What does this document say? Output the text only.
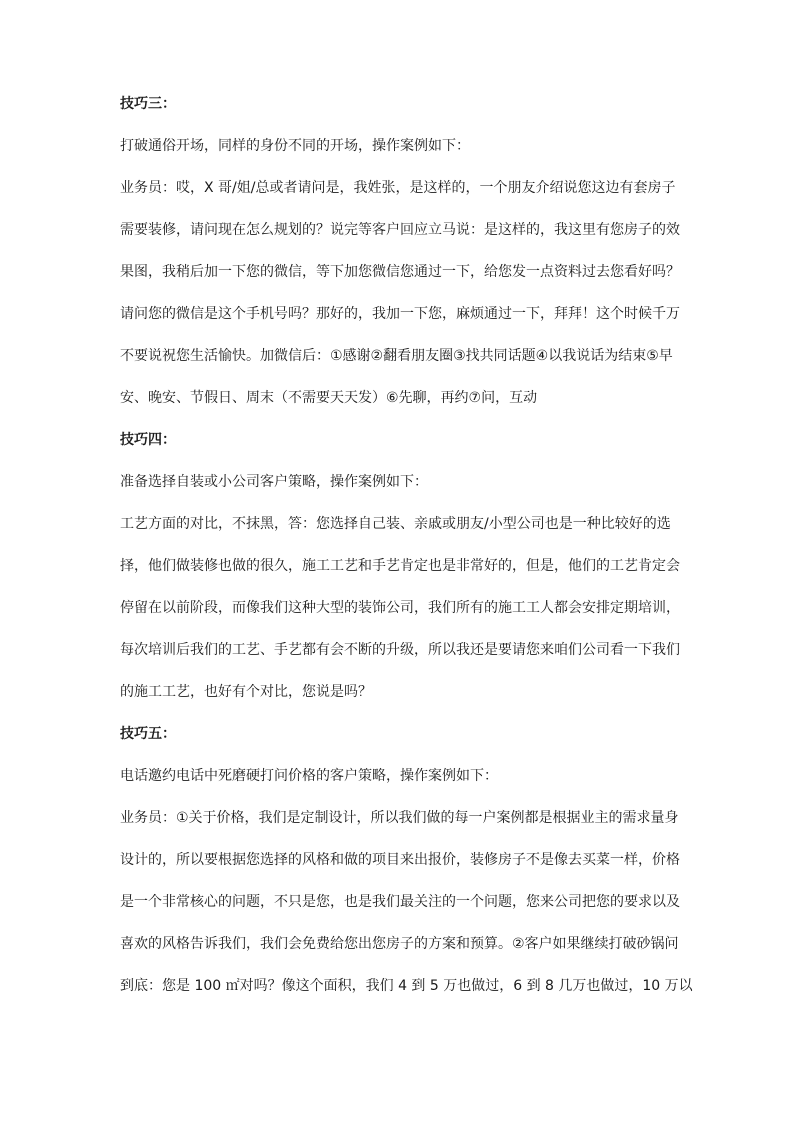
技巧三：
打破通俗开场，同样的身份不同的开场，操作案例如下：
业务员：哎，X 哥/姐/总或者请问是，我姓张，是这样的，一个朋友介绍说您这边有套房子
需要装修，请问现在怎么规划的？说完等客户回应立马说：是这样的，我这里有您房子的效
果图，我稍后加一下您的微信，等下加您微信您通过一下，给您发一点资料过去您看好吗？
请问您的微信是这个手机号吗？那好的，我加一下您，麻烦通过一下，拜拜！这个时候千万
不要说祝您生活愉快。加微信后：①感谢②翻看朋友圈③找共同话题④以我说话为结束⑤早
安、晚安、节假日、周末（不需要天天发）⑥先聊，再约⑦问，互动
技巧四：
准备选择自装或小公司客户策略，操作案例如下：
工艺方面的对比，不抹黑，答：您选择自己装、亲戚或朋友/小型公司也是一种比较好的选
择，他们做装修也做的很久，施工工艺和手艺肯定也是非常好的，但是，他们的工艺肯定会
停留在以前阶段，而像我们这种大型的装饰公司，我们所有的施工工人都会安排定期培训，
每次培训后我们的工艺、手艺都有会不断的升级，所以我还是要请您来咱们公司看一下我们
的施工工艺，也好有个对比，您说是吗？
技巧五：
电话邀约电话中死磨硬打问价格的客户策略，操作案例如下：
业务员：①关于价格，我们是定制设计，所以我们做的每一户案例都是根据业主的需求量身
设计的，所以要根据您选择的风格和做的项目来出报价，装修房子不是像去买菜一样，价格
是一个非常核心的问题，不只是您，也是我们最关注的一个问题，您来公司把您的要求以及
喜欢的风格告诉我们，我们会免费给您出您房子的方案和预算。②客户如果继续打破砂锅问
到底：您是 100 ㎡对吗？像这个面积，我们 4 到 5 万也做过，6 到 8 几万也做过，10 万以
